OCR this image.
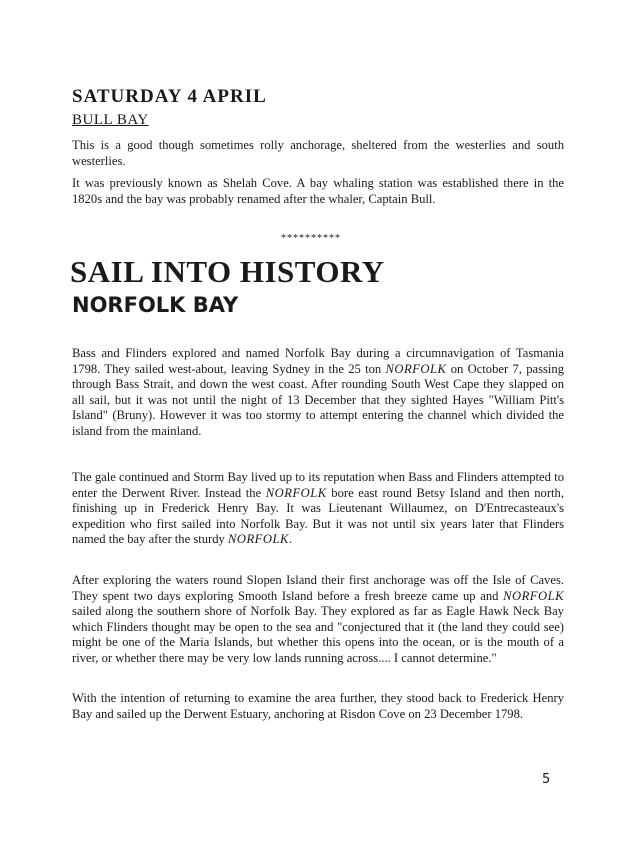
SATURDAY 4 APRIL
BULL BAY

This is a good though sometimes rolly anchorage, sheltered from the westerlies and south westerlies.

It was previously known as Shelah Cove. A bay whaling station was established there in the 1820s and the bay was probably renamed after the whaler, Captain Bull.

**********
SAIL INTO HISTORY
NORFOLK BAY

Bass and Flinders explored and named Norfolk Bay during a circumnavigation of Tasmania 1798. They sailed west-about, leaving Sydney in the 25 ton NORFOLK on October 7, passing through Bass Strait, and down the west coast. After rounding South West Cape they slapped on all sail, but it was not until the night of 13 December that they sighted Hayes "William Pitt's Island" (Bruny). However it was too stormy to attempt entering the channel which divided the island from the mainland.

The gale continued and Storm Bay lived up to its reputation when Bass and Flinders attempted to enter the Derwent River. Instead the NORFOLK bore east round Betsy Island and then north, finishing up in Frederick Henry Bay. It was Lieutenant Willaumez, on D'Entrecasteaux's expedition who first sailed into Norfolk Bay. But it was not until six years later that Flinders named the bay after the sturdy NORFOLK.

After exploring the waters round Slopen Island their first anchorage was off the Isle of Caves. They spent two days exploring Smooth Island before a fresh breeze came up and NORFOLK sailed along the southern shore of Norfolk Bay. They explored as far as Eagle Hawk Neck Bay which Flinders thought may be open to the sea and "conjectured that it (the land they could see) might be one of the Maria Islands, but whether this opens into the ocean, or is the mouth of a river, or whether there may be very low lands running across.... I cannot determine."

With the intention of returning to examine the area further, they stood back to Frederick Henry Bay and sailed up the Derwent Estuary, anchoring at Risdon Cove on 23 December 1798.

5
